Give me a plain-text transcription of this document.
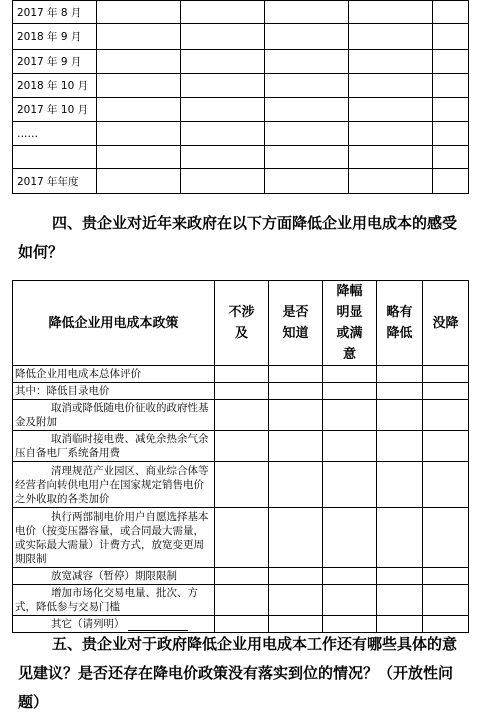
2017 年 8 月					
2018 年 9 月					
2017 年 9 月					
2018 年 10 月					
2017 年 10 月					
……					

2017 年年度					
四、贵企业对近年来政府在以下方面降低企业用电成本的感受如何？
降低企业用电成本政策	不涉及	是否知道	降幅明显或满意	略有降低	没降
降低企业用电成本总体评价					
其中：降低目录电价					
取消或降低随电价征收的政府性基金及附加					
取消临时接电费、减免余热余气余压自备电厂系统备用费					
清理规范产业园区、商业综合体等经营者向转供电用户在国家规定销售电价之外收取的各类加价					
执行两部制电价用户自愿选择基本电价（按变压器容量，或合同最大需量，或实际最大需量）计费方式，放宽变更周期限制					
放宽减容（暂停）期限限制					
增加市场化交易电量、批次、方式，降低参与交易门槛					
其它（请列明）					
五、贵企业对于政府降低企业用电成本工作还有哪些具体的意见建议？是否还存在降电价政策没有落实到位的情况？（开放性问题）
